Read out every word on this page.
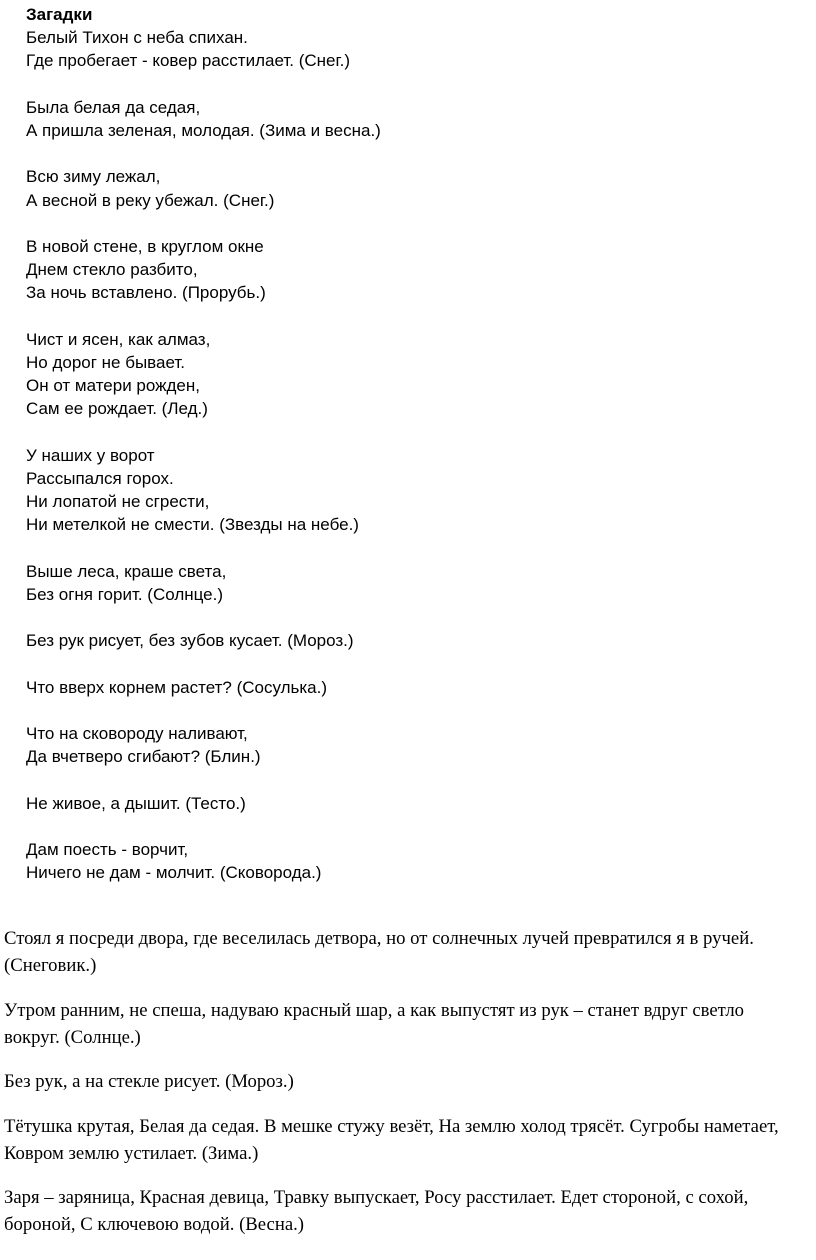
Загадки
Белый Тихон с неба спихан.
Где пробегает - ковер расстилает. (Снег.)
Была белая да седая,
А пришла зеленая, молодая. (Зима и весна.)
Всю зиму лежал,
А весной в реку убежал. (Снег.)
В новой стене, в круглом окне
Днем стекло разбито,
За ночь вставлено. (Прорубь.)
Чист и ясен, как алмаз,
Но дорог не бывает.
Он от матери рожден,
Сам ее рождает. (Лед.)
У наших у ворот
Рассыпался горох.
Ни лопатой не сгрести,
Ни метелкой не смести. (Звезды на небе.)
Выше леса, краше света,
Без огня горит. (Солнце.)
Без рук рисует, без зубов кусает. (Мороз.)
Что вверх корнем растет? (Сосулька.)
Что на сковороду наливают,
Да вчетверо сгибают? (Блин.)
Не живое, а дышит. (Тесто.)
Дам поесть - ворчит,
Ничего не дам - молчит. (Сковорода.)

Стоял я посреди двора, где веселилась детвора, но от солнечных лучей превратился я в ручей. (Снеговик.)

Утром ранним, не спеша, надуваю красный шар, а как выпустят из рук – станет вдруг светло вокруг. (Солнце.)

Без рук, а на стекле рисует. (Мороз.)

Тётушка крутая, Белая да седая. В мешке стужу везёт, На землю холод трясёт. Сугробы наметает, Ковром землю устилает. (Зима.)

Заря – заряница, Красная девица, Травку выпускает, Росу расстилает. Едет стороной, с сохой, бороной, С ключевою водой. (Весна.)
